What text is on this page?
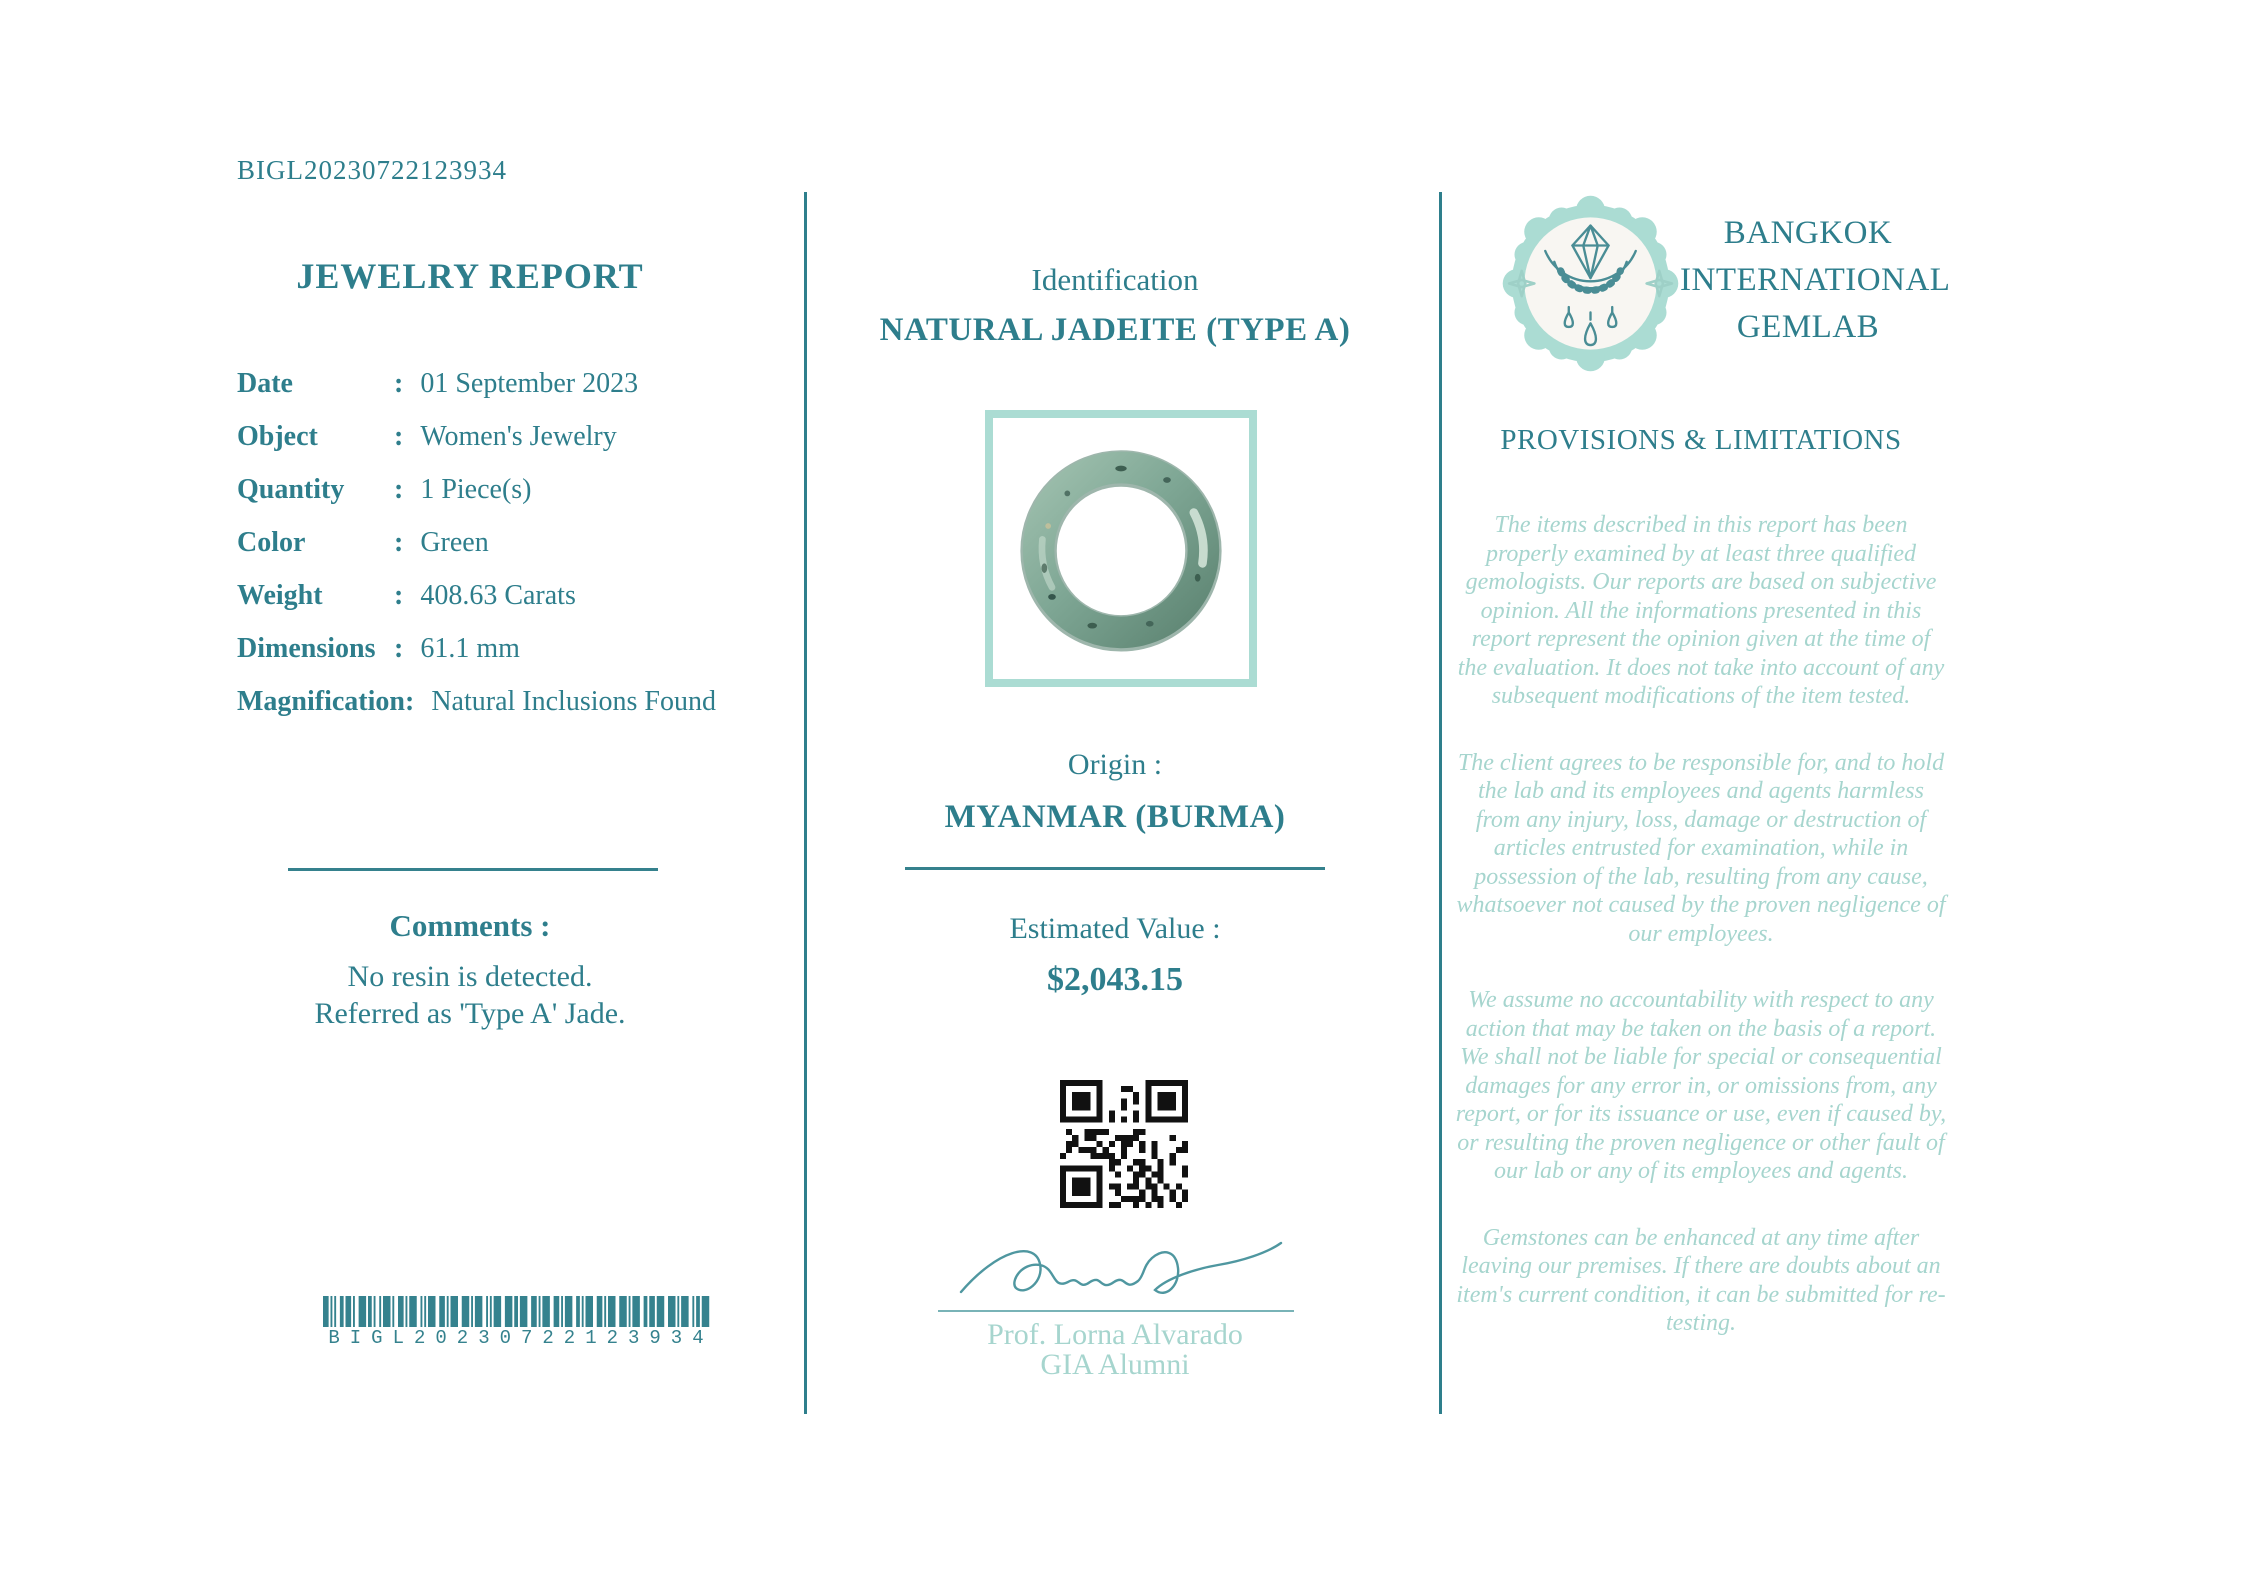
BIGL20230722123934
JEWELRY REPORT
Date	: 01 September 2023
Object	: Women's Jewelry
Quantity	: 1 Piece(s)
Color	: Green
Weight	: 408.63 Carats
Dimensions : 61.1 mm
Magnification : Natural Inclusions Found
Comments :
No resin is detected.
Referred as 'Type A' Jade.
BIGL20230722123934
Identification
NATURAL JADEITE (TYPE A)
Origin :
MYANMAR (BURMA)
Estimated Value :
$2,043.15
Prof. Lorna Alvarado
GIA Alumni
BANGKOK
INTERNATIONAL
GEMLAB
PROVISIONS & LIMITATIONS

The items described in this report has been properly examined by at least three qualified gemologists. Our reports are based on subjective opinion. All the informations presented in this report represent the opinion given at the time of the evaluation. It does not take into account of any subsequent modifications of the item tested.

The client agrees to be responsible for, and to hold the lab and its employees and agents harmless from any injury, loss, damage or destruction of articles entrusted for examination, while in possession of the lab, resulting from any cause, whatsoever not caused by the proven negligence of our employees.

We assume no accountability with respect to any action that may be taken on the basis of a report. We shall not be liable for special or consequential damages for any error in, or omissions from, any report, or for its issuance or use, even if caused by, or resulting the proven negligence or other fault of our lab or any of its employees and agents.

Gemstones can be enhanced at any time after leaving our premises. If there are doubts about an item's current condition, it can be submitted for re-testing.
